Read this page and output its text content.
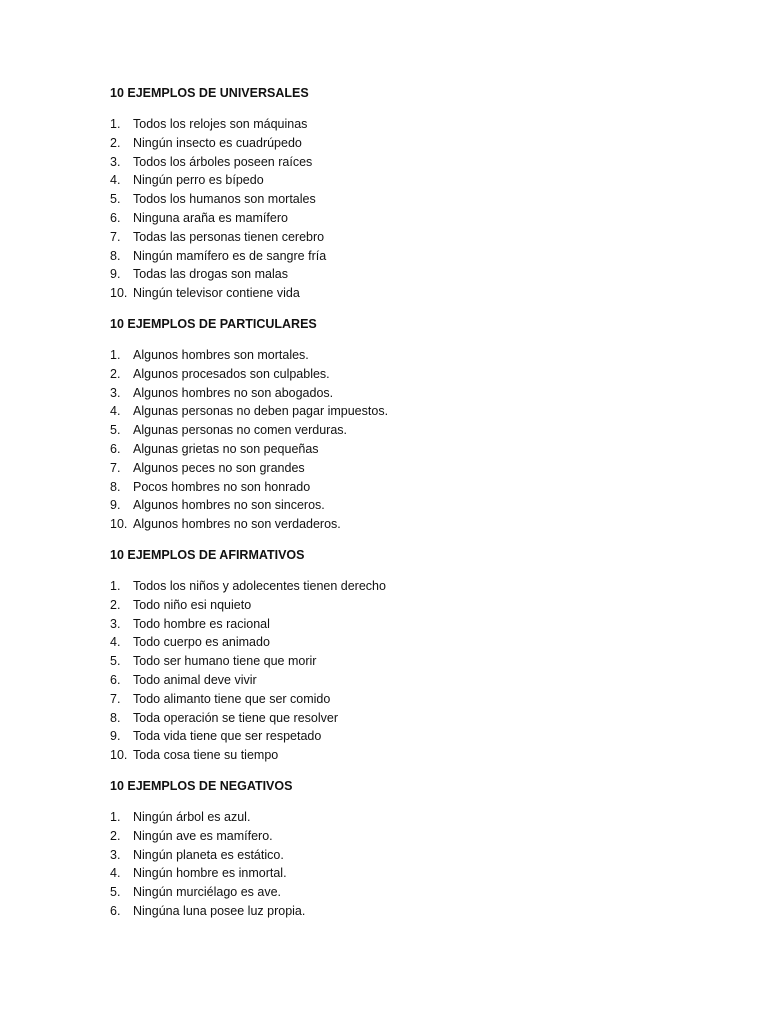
10 EJEMPLOS DE UNIVERSALES
1. Todos los relojes son máquinas
2. Ningún insecto es cuadrúpedo
3. Todos los árboles poseen raíces
4. Ningún perro es bípedo
5. Todos los humanos son mortales
6. Ninguna araña es mamífero
7. Todas las personas tienen cerebro
8. Ningún mamífero es de sangre fría
9. Todas las drogas son malas
10. Ningún televisor contiene vida
10 EJEMPLOS DE PARTICULARES
1. Algunos hombres son mortales.
2. Algunos procesados son culpables.
3. Algunos hombres no son abogados.
4. Algunas personas no deben pagar impuestos.
5. Algunas personas no comen verduras.
6. Algunas grietas no son pequeñas
7. Algunos peces no son grandes
8. Pocos hombres no son honrado
9. Algunos hombres no son sinceros.
10. Algunos hombres no son verdaderos.
10 EJEMPLOS DE AFIRMATIVOS
1. Todos los niños y adolecentes tienen derecho
2. Todo niño esi nquieto
3. Todo hombre es racional
4. Todo cuerpo es animado
5. Todo ser humano tiene que morir
6. Todo animal deve vivir
7. Todo alimanto tiene que ser comido
8. Toda operación se tiene que resolver
9. Toda vida tiene que ser respetado
10. Toda cosa tiene su tiempo
10 EJEMPLOS DE NEGATIVOS
1. Ningún árbol es azul.
2. Ningún ave es mamífero.
3. Ningún planeta es estático.
4. Ningún hombre es inmortal.
5. Ningún murciélago es ave.
6. Ningúna luna posee luz propia.
